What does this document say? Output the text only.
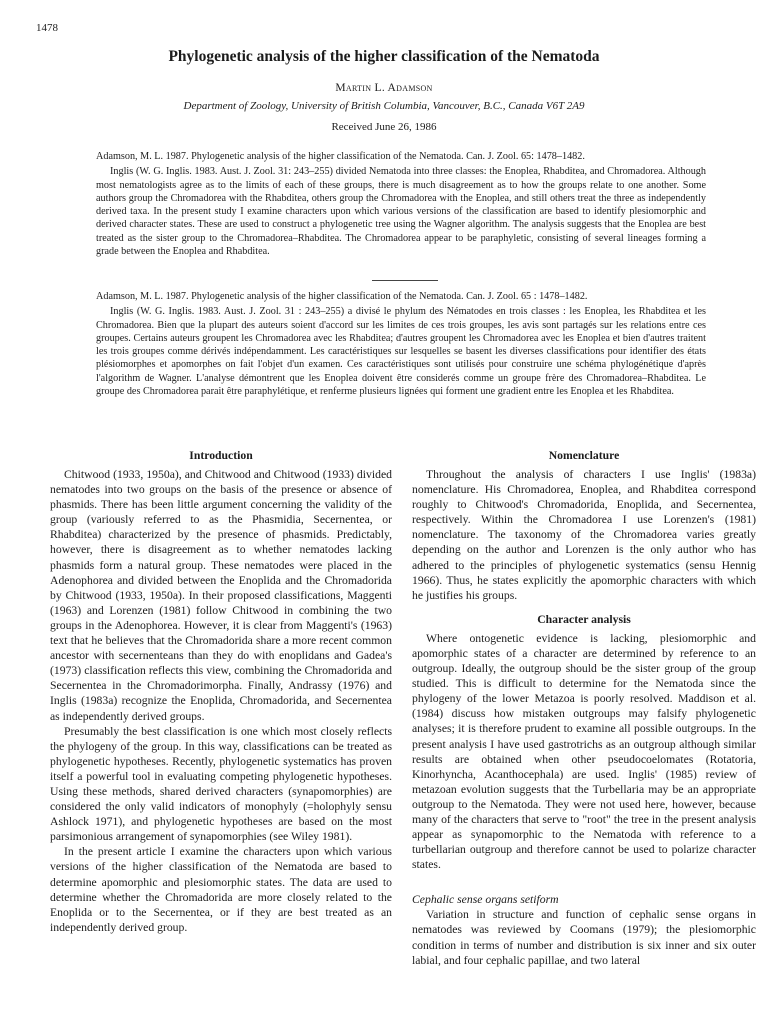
1478
Phylogenetic analysis of the higher classification of the Nematoda
Martin L. Adamson
Department of Zoology, University of British Columbia, Vancouver, B.C., Canada V6T 2A9
Received June 26, 1986

Adamson, M. L. 1987. Phylogenetic analysis of the higher classification of the Nematoda. Can. J. Zool. 65: 1478–1482.

Inglis (W. G. Inglis. 1983. Aust. J. Zool. 31: 243–255) divided Nematoda into three classes: the Enoplea, Rhabditea, and Chromadorea. Although most nematologists agree as to the limits of each of these groups, there is much disagreement as to how the groups relate to one another. Some authors group the Chromadorea with the Rhabditea, others group the Chromadorea with the Enoplea, and still others treat the three as independently derived taxa. In the present study I examine characters upon which various versions of the classification are based to identify plesiomorphic and derived character states. These are used to construct a phylogenetic tree using the Wagner algorithm. The analysis suggests that the Enoplea are best treated as the sister group to the Chromadorea–Rhabditea. The Chromadorea appear to be paraphyletic, consisting of several lineages forming a grade between the Enoplea and Rhabditea.

Adamson, M. L. 1987. Phylogenetic analysis of the higher classification of the Nematoda. Can. J. Zool. 65 : 1478–1482.

Inglis (W. G. Inglis. 1983. Aust. J. Zool. 31 : 243–255) a divisé le phylum des Nématodes en trois classes : les Enoplea, les Rhabditea et les Chromadorea. Bien que la plupart des auteurs soient d'accord sur les limites de ces trois groupes, les avis sont partagés sur les relations entre ces groupes. Certains auteurs groupent les Chromadorea avec les Rhabditea; d'autres groupent les Chromadorea avec les Enoplea et bien d'autres traitent les trois groupes comme dérivés indépendamment. Les caractéristiques sur lesquelles se basent les diverses classifications pour identifier des états plésiomorphes et apomorphes on fait l'objet d'un examen. Ces caractéristiques sont utilisés pour construire une schéma phylogénétique d'après l'algorithm de Wagner. L'analyse démontrent que les Enoplea doivent être considerés comme un groupe frère des Chromadorea–Rhabditea. Le groupe des Chromadorea parait être paraphylétique, et renferme plusieurs lignées qui forment une gradient entre les Enoplea et les Rhabditea.

Introduction

Chitwood (1933, 1950a), and Chitwood and Chitwood (1933) divided nematodes into two groups on the basis of the presence or absence of phasmids. There has been little argument concerning the validity of the group (variously referred to as the Phasmidia, Secernentea, or Rhabditea) characterized by the presence of phasmids. Predictably, however, there is disagreement as to whether nematodes lacking phasmids form a natural group. These nematodes were placed in the Adenophorea and divided between the Enoplida and the Chromadorida by Chitwood (1933, 1950a). In their proposed classifications, Maggenti (1963) and Lorenzen (1981) follow Chitwood in combining the two groups in the Adenophorea. However, it is clear from Maggenti's (1963) text that he believes that the Chromadorida share a more recent common ancestor with secernenteans than they do with enoplidans and Gadea's (1973) classification reflects this view, combining the Chromadorida and Secernentea in the Chromadorimorpha. Finally, Andrassy (1976) and Inglis (1983a) recognize the Enoplida, Chromadorida, and Secernentea as independently derived groups.

Presumably the best classification is one which most closely reflects the phylogeny of the group. In this way, classifications can be treated as phylogenetic hypotheses. Recently, phylogenetic systematics has proven itself a powerful tool in evaluating competing phylogenetic hypotheses. Using these methods, shared derived characters (synapomorphies) are considered the only valid indicators of monophyly (=holophyly sensu Ashlock 1971), and phylogenetic hypotheses are based on the most parsimonious arrangement of synapomorphies (see Wiley 1981).

In the present article I examine the characters upon which various versions of the higher classification of the Nematoda are based to determine apomorphic and plesiomorphic states. The data are used to determine whether the Chromadorida are more closely related to the Enoplida or to the Secernentea, or if they are best treated as an independently derived group.

Nomenclature

Throughout the analysis of characters I use Inglis' (1983a) nomenclature. His Chromadorea, Enoplea, and Rhabditea correspond roughly to Chitwood's Chromadorida, Enoplida, and Secernentea, respectively. Within the Chromadorea I use Lorenzen's (1981) nomenclature. The taxonomy of the Chromadorea varies greatly depending on the author and Lorenzen is the only author who has adhered to the principles of phylogenetic systematics (sensu Hennig 1966). Thus, he states explicitly the apomorphic characters with which he justifies his groups.

Character analysis

Where ontogenetic evidence is lacking, plesiomorphic and apomorphic states of a character are determined by reference to an outgroup. Ideally, the outgroup should be the sister group of the group studied. This is difficult to determine for the Nematoda since the phylogeny of the lower Metazoa is poorly resolved. Maddison et al. (1984) discuss how mistaken outgroups may falsify phylogenetic analyses; it is therefore prudent to examine all possible outgroups. In the present analysis I have used gastrotrichs as an outgroup although similar results are obtained when other pseudocoelomates (Rotatoria, Kinorhyncha, Acanthocephala) are used. Inglis' (1985) review of metazoan evolution suggests that the Turbellaria may be an appropriate outgroup to the Nematoda. They were not used here, however, because many of the characters that serve to "root" the tree in the present analysis appear as synapomorphic to the Nematoda with reference to a turbellarian outgroup and therefore cannot be used to polarize character states.

Cephalic sense organs setiform

Variation in structure and function of cephalic sense organs in nematodes was reviewed by Coomans (1979); the plesiomorphic condition in terms of number and distribution is six inner and six outer labial, and four cephalic papillae, and two lateral
